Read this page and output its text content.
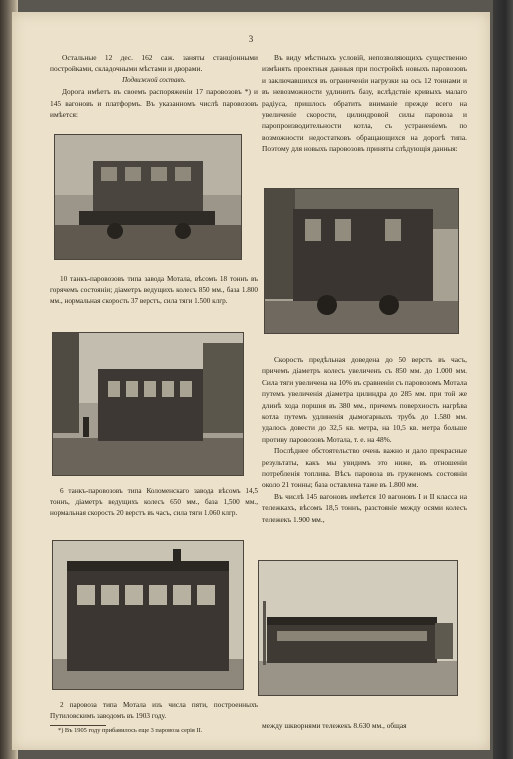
3

Остальные 12 дес. 162 саж. заняты станціонными постройками, складочными мѣстами и дворами.

Подвижной составъ.

Дорога имѣетъ въ своемъ распоряженіи 17 паровозовъ *) и 145 вагоновъ и платформъ. Въ указанномъ числѣ паровозовъ имѣется:

10 танкъ-паровозовъ типа завода Мотала, вѣсомъ 18 тоннъ въ горячемъ состояніи; діаметръ ведущихъ колесъ 850 мм., база 1.800 мм., нормальная скорость 37 верстъ, сила тяги 1.500 клгр.

6 танкъ-паровозовъ типа Коломенскаго завода вѣсомъ 14,5 тоннъ, діаметръ ведущихъ колесъ 650 мм., база 1,500 мм., нормальная скорость 20 верстъ въ часъ, сила тяги 1.060 клгр.

2 паровоза типа Мотала изъ числа пяти, построенныхъ Путиловскимъ заводомъ въ 1903 году.

*) Въ 1905 году прибавилось еще 3 паровоза серія II.

Въ виду мѣстныхъ условій, непозволяющихъ существенно измѣнять проектныя данныя при постройкѣ новыхъ паровозовъ и заключавшихся въ ограниченіи нагрузки на ось 12 тоннами и въ невозможности удлинить базу, вслѣдствіе кривыхъ малаго радіуса, пришлось обратить вниманіе прежде всего на увеличеніе скорости, цилиндровой силы паровоза и паропроизводительности котла, съ устраненіемъ по возможности недостатковъ обращающихся на дорогѣ типа. Поэтому для новыхъ паровозовъ приняты слѣдующія данныя:

Скорость предѣльная доведена до 50 верстъ въ часъ, причемъ діаметръ колесъ увеличенъ съ 850 мм. до 1.000 мм. Сила тяги увеличена на 10% въ сравненіи съ паровозомъ Мотала путемъ увеличенія діаметра цилиндра до 285 мм. при той же длинѣ хода поршня въ 380 мм., причемъ поверхность нагрѣва котла путемъ удлиненія дымогарныхъ трубъ до 1.580 мм. удалось довести до 32,5 кв. метра, на 10,5 кв. метра больше противу паровозовъ Мотала, т. е. на 48%.

Послѣднее обстоятельство очень важно и дало прекрасные результаты, какъ мы увидимъ это ниже, въ отношеніи потребленія топлива. Вѣсъ паровоза въ груженомъ состояніи около 21 тонны; база оставлена таже въ 1.800 мм.

Въ числѣ 145 вагоновъ имѣется 10 вагоновъ I и II класса на тележкахъ, вѣсомъ 18,5 тоннъ, разстояніе между осями колесъ тележекъ 1.900 мм.,

между шкворнями тележекъ 8.630 мм., общая
